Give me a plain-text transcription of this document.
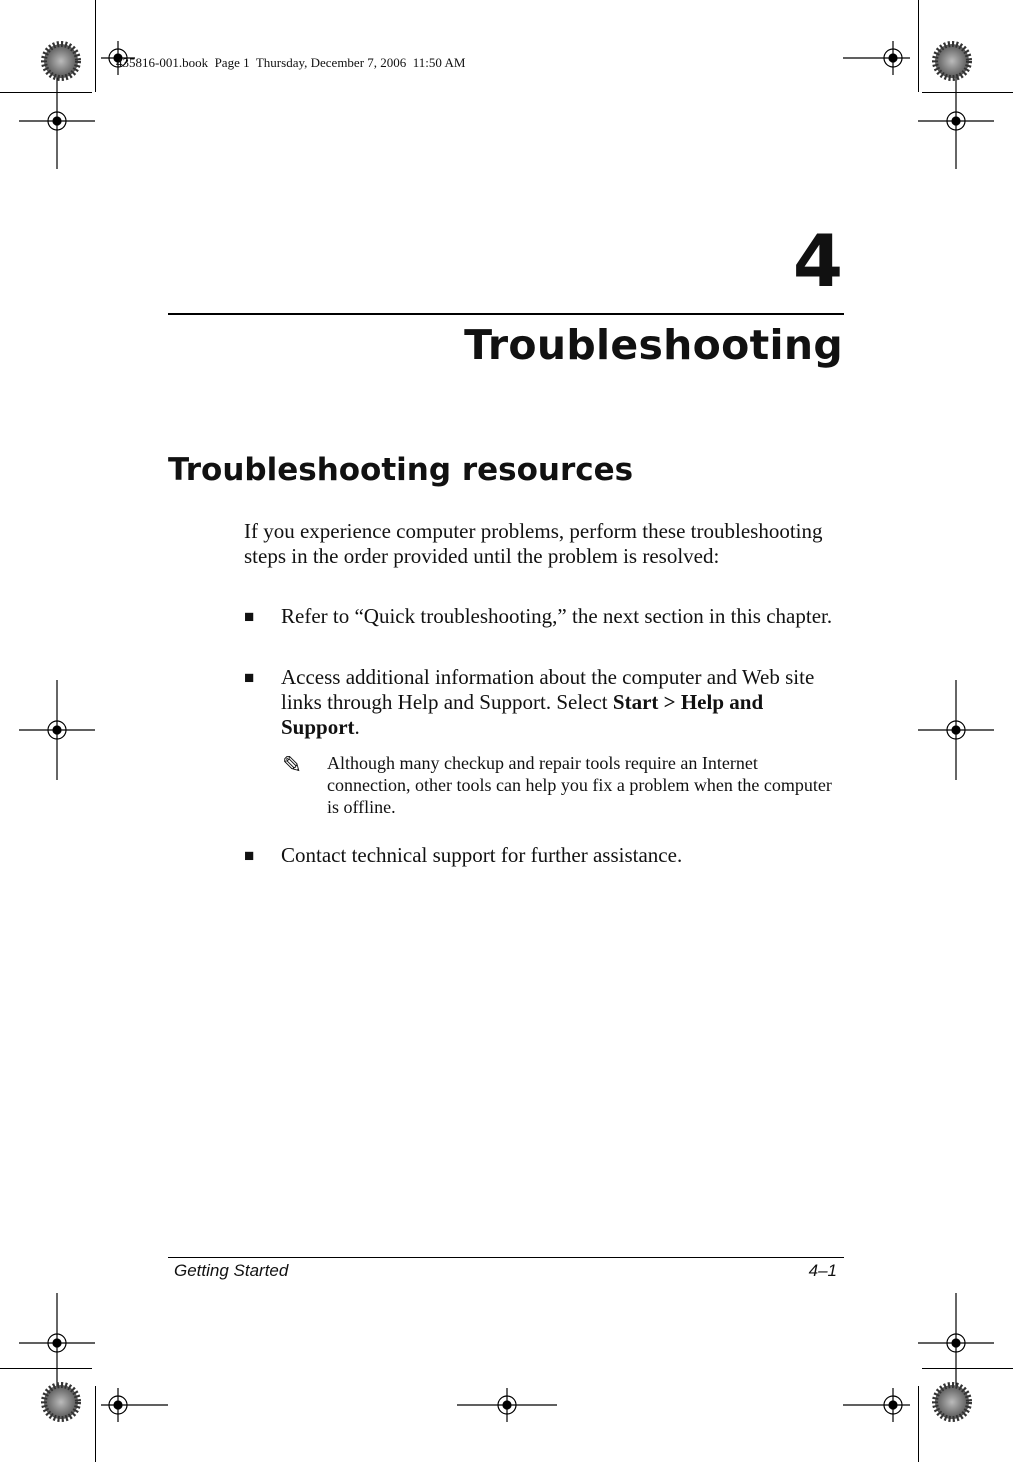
435816-001.book  Page 1  Thursday, December 7, 2006  11:50 AM
4
Troubleshooting
Troubleshooting resources
If you experience computer problems, perform these troubleshooting steps in the order provided until the problem is resolved:
■	Refer to “Quick troubleshooting,” the next section in this chapter.
■	Access additional information about the computer and Web site links through Help and Support. Select Start > Help and Support.
✎	Although many checkup and repair tools require an Internet connection, other tools can help you fix a problem when the computer is offline.
■	Contact technical support for further assistance.
Getting Started	4–1
